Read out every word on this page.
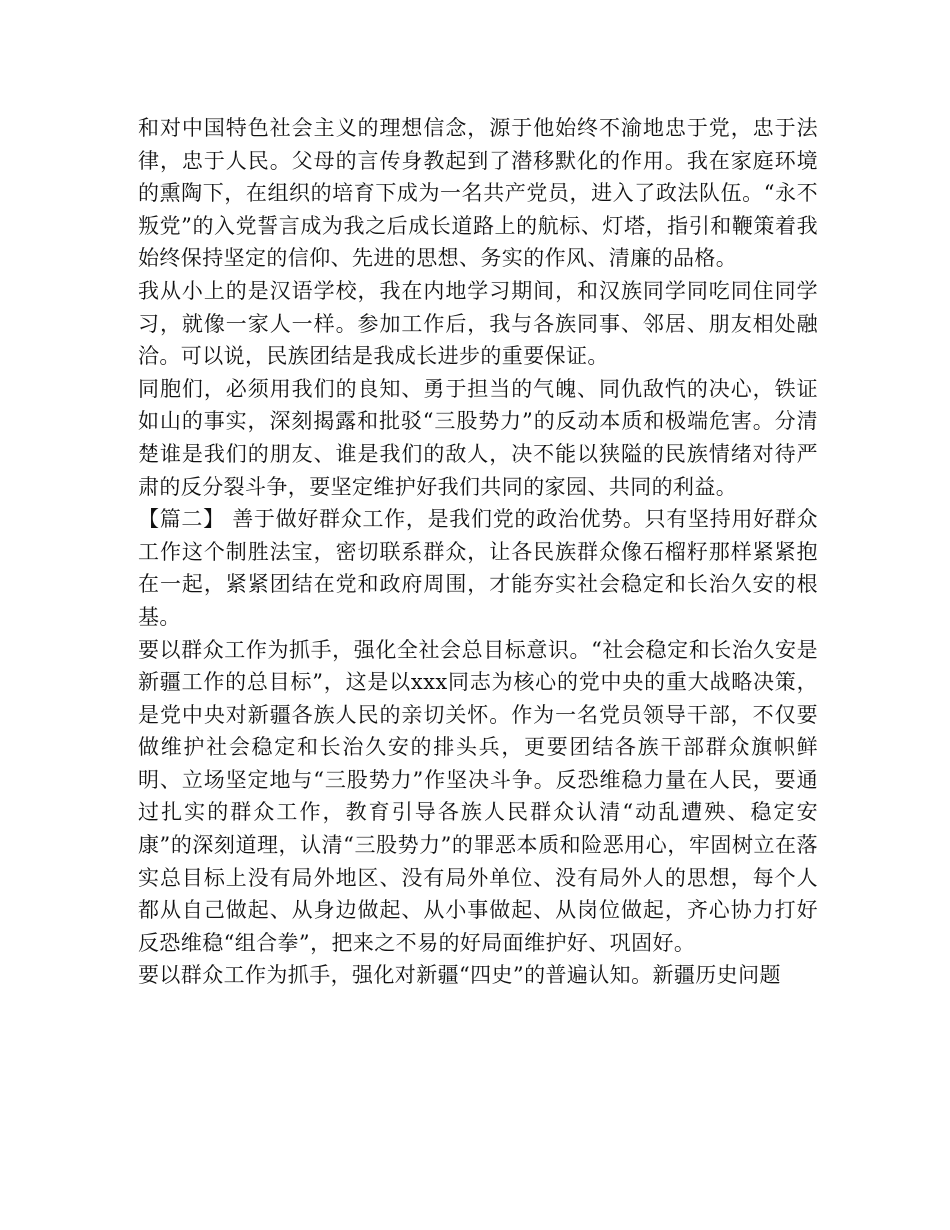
和对中国特色社会主义的理想信念，源于他始终不渝地忠于党，忠于法律，忠于人民。父母的言传身教起到了潜移默化的作用。我在家庭环境的熏陶下，在组织的培育下成为一名共产党员，进入了政法队伍。“永不叛党”的入党誓言成为我之后成长道路上的航标、灯塔，指引和鞭策着我始终保持坚定的信仰、先进的思想、务实的作风、清廉的品格。

我从小上的是汉语学校，我在内地学习期间，和汉族同学同吃同住同学习，就像一家人一样。参加工作后，我与各族同事、邻居、朋友相处融洽。可以说，民族团结是我成长进步的重要保证。

同胞们，必须用我们的良知、勇于担当的气魄、同仇敌忾的决心，铁证如山的事实，深刻揭露和批驳“三股势力”的反动本质和极端危害。分清楚谁是我们的朋友、谁是我们的敌人，决不能以狭隘的民族情绪对待严肃的反分裂斗争，要坚定维护好我们共同的家园、共同的利益。

【篇二】 善于做好群众工作，是我们党的政治优势。只有坚持用好群众工作这个制胜法宝，密切联系群众，让各民族群众像石榴籽那样紧紧抱在一起，紧紧团结在党和政府周围，才能夯实社会稳定和长治久安的根基。

要以群众工作为抓手，强化全社会总目标意识。“社会稳定和长治久安是新疆工作的总目标”，这是以xxx同志为核心的党中央的重大战略决策，是党中央对新疆各族人民的亲切关怀。作为一名党员领导干部，不仅要做维护社会稳定和长治久安的排头兵，更要团结各族干部群众旗帜鲜明、立场坚定地与“三股势力”作坚决斗争。反恐维稳力量在人民，要通过扎实的群众工作，教育引导各族人民群众认清“动乱遭殃、稳定安康”的深刻道理，认清“三股势力”的罪恶本质和险恶用心，牢固树立在落实总目标上没有局外地区、没有局外单位、没有局外人的思想，每个人都从自己做起、从身边做起、从小事做起、从岗位做起，齐心协力打好反恐维稳“组合拳”，把来之不易的好局面维护好、巩固好。

要以群众工作为抓手，强化对新疆“四史”的普遍认知。新疆历史问题
